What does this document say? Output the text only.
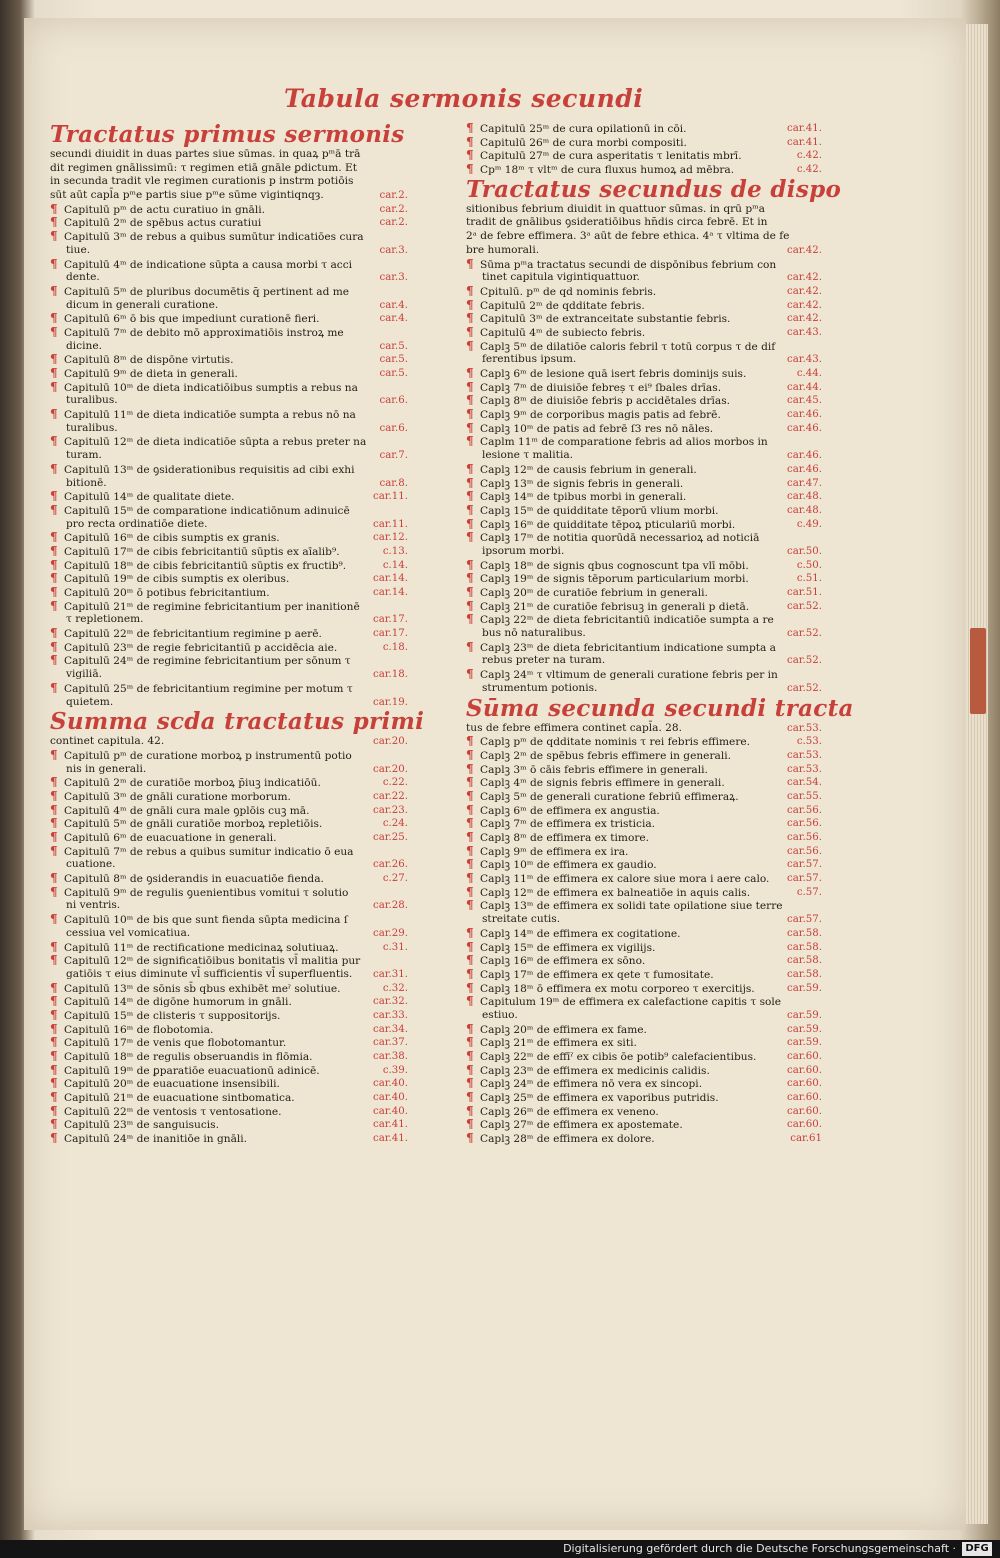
Tabula sermonis secundi
Tractatus primus sermonis
secundi diuidit in duas partes siue sūmas. in quaꝝ pᵐā trā
dit regimen gnālissimū: τ regimen etiā gnāle ꝑdictum. Et
in secunda tradit vle regimen curationis p instrm potiōis
sūt aūt capl̄a pᵐe partis siue pᵐe sūme vigintiqnqȝ.	car.2.
¶ Capitulū pᵐ de actu curatiuo in gnāli.	car.2.
¶ Capitulū 2ᵐ de spēbus actus curatiui	car.2.
¶ Capitulū 3ᵐ de rebus a quibus sumūtur indicatiōes cura
tiue.	car.3.
¶ Capitulū 4ᵐ de indicatione sūpta a causa morbi τ acci
dente.	car.3.
¶ Capitulū 5ᵐ de pluribus documētis q̄ pertinent ad me
dicum in generali curatione.	car.4.
¶ Capitulū 6ᵐ ō bis que impediunt curationē fieri.	car.4.
¶ Capitulū 7ᵐ de debito mō approximatiōis instroꝝ me
dicine.	car.5.
¶ Capitulū 8ᵐ de dispōne virtutis.	car.5.
¶ Capitulū 9ᵐ de dieta in generali.	car.5.
¶ Capitulū 10ᵐ de dieta indicatiōibus sumptis a rebus na
turalibus.	car.6.
¶ Capitulū 11ᵐ de dieta indicatiōe sumpta a rebus nō na
turalibus.	car.6.
¶ Capitulū 12ᵐ de dieta indicatiōe sūpta a rebus preter na
turam.	car.7.
¶ Capitulū 13ᵐ de ꝯsiderationibus requisitis ad cibi exhi
bitionē.	car.8.
¶ Capitulū 14ᵐ de qualitate diete.	car.11.
¶ Capitulū 15ᵐ de comparatione indicatiōnum adinuicē
pro recta ordinatiōe diete.	car.11.
¶ Capitulū 16ᵐ de cibis sumptis ex granis.	car.12.
¶ Capitulū 17ᵐ de cibis febricitantiū sūptis ex aīalib⁹.	c.13.
¶ Capitulū 18ᵐ de cibis febricitantiū sūptis ex fructib⁹.	c.14.
¶ Capitulū 19ᵐ de cibis sumptis ex oleribus.	car.14.
¶ Capitulū 20ᵐ ō potibus febricitantium.	car.14.
¶ Capitulū 21ᵐ de regimine febricitantium per inanitionē
τ repletionem.	car.17.
¶ Capitulū 22ᵐ de febricitantium regimine p aerē.	car.17.
¶ Capitulū 23ᵐ de regie febricitantiū p accidēcia aie.	c.18.
¶ Capitulū 24ᵐ de regimine febricitantium per sōnum τ
vigiliā.	car.18.
¶ Capitulū 25ᵐ de febricitantium regimine per motum τ
quietem.	car.19.
Summa scda tractatus primi
continet capitula. 42.	car.20.
¶ Capitulū pᵐ de curatione morboꝝ p instrumentū potio
nis in generali.	car.20.
¶ Capitulū 2ᵐ de curatiōe morboꝝ p̄iuꝫ indicatiōū.	c.22.
¶ Capitulū 3ᵐ de gnāli curatione morborum.	car.22.
¶ Capitulū 4ᵐ de gnāli cura male ꝯplōis cuꝫ mā.	car.23.
¶ Capitulū 5ᵐ de gnāli curatiōe morboꝝ repletiōis.	c.24.
¶ Capitulū 6ᵐ de euacuatione in generali.	car.25.
¶ Capitulū 7ᵐ de rebus a quibus sumitur indicatio ō eua
cuatione.	car.26.
¶ Capitulū 8ᵐ de ꝯsiderandis in euacuatiōe fienda.	c.27.
¶ Capitulū 9ᵐ de regulis ꝯuenientibus vomitui τ solutio
ni ventris.	car.28.
¶ Capitulū 10ᵐ de bis que sunt fienda sūpta medicina ſ
cessiua vel vomicatiua.	car.29.
¶ Capitulū 11ᵐ de rectificatione medicinaꝝ solutiuaꝝ.	c.31.
¶ Capitulū 12ᵐ de significatiōibus bonitatis vl̄ malitia pur
gatiōis τ eius diminute vl̄ sufficientis vl̄ superfluentis. car.31.
¶ Capitulū 13ᵐ de sōnis sb̄ qbus exhibēt meˀ solutiue.	c.32.
¶ Capitulū 14ᵐ de digōne humorum in gnāli.	car.32.
¶ Capitulū 15ᵐ de clisteris τ suppositorijs.	car.33.
¶ Capitulū 16ᵐ de flobotomia.	car.34.
¶ Capitulū 17ᵐ de venis que flobotomantur.	car.37.
¶ Capitulū 18ᵐ de regulis obseruandis in flōmia.	car.38.
¶ Capitulū 19ᵐ de ꝑparatiōe euacuationū adinicē.	c.39.
¶ Capitulū 20ᵐ de euacuatione insensibili.	car.40.
¶ Capitulū 21ᵐ de euacuatione sintbomatica.	car.40.
¶ Capitulū 22ᵐ de ventosis τ ventosatione.	car.40.
¶ Capitulū 23ᵐ de sanguisucis.	car.41.
¶ Capitulū 24ᵐ de inanitiōe in gnāli.	car.41.
¶ Capitulū 25ᵐ de cura opilationū in cōi.	car.41.
¶ Capitulū 26ᵐ de cura morbi compositi.	car.41.
¶ Capitulū 27ᵐ de cura asperitatis τ lenitatis mbrī.	c.42.
¶ Cpᵐ 18ᵐ τ vltᵐ de cura fluxus humoꝝ ad mēbra.	c.42.
Tractatus secundus de dispo
sitionibus febrium diuidit in quattuor sūmas. in qrū pᵐa
tradit de gnālibus ꝯsideratiōibus hn̄dis circa febrē. Et in
2ᵃ de febre effimera. 3ᵃ aūt de febre ethica. 4ᵃ τ vltima de fe
bre humorali.	car.42.
¶ Sūma pᵐa tractatus secundi de dispōnibus febrium con
tinet capitula vigintiquattuor.	car.42.
¶ Cpitulū. pᵐ de qd nominis febris.	car.42.
¶ Capitulū 2ᵐ de qdditate febris.	car.42.
¶ Capitulū 3ᵐ de extranceitate substantie febris.	car.42.
¶ Capitulū 4ᵐ de subiecto febris.	car.43.
¶ Caplꝫ 5ᵐ de dilatiōe caloris febril τ totū corpus τ de dif
ferentibus ipsum.	car.43.
¶ Caplꝫ 6ᵐ de lesione quā isert febris dominijs suis.	c.44.
¶ Caplꝫ 7ᵐ de diuisiōe febreș τ ei⁹ ſbales drīas.	car.44.
¶ Caplꝫ 8ᵐ de diuisiōe febris p accidētales drīas.	car.45.
¶ Caplꝫ 9ᵐ de corporibus magis patis ad febrē.	car.46.
¶ Caplꝫ 10ᵐ de patis ad febrē ſ3 res nō nāles.	car.46.
¶ Caplm 11ᵐ de comparatione febris ad alios morbos in
lesione τ malitia.	car.46.
¶ Caplꝫ 12ᵐ de causis febrium in generali.	car.46.
¶ Caplꝫ 13ᵐ de signis febris in generali.	car.47.
¶ Caplꝫ 14ᵐ de tpibus morbi in generali.	car.48.
¶ Caplꝫ 15ᵐ de quidditate tēporū vlium morbi.	car.48.
¶ Caplꝫ 16ᵐ de quidditate tēpoꝝ pticulariū morbi.	c.49.
¶ Caplꝫ 17ᵐ de notitia quorūdā necessarioꝝ ad noticiā
ipsorum morbi.	car.50.
¶ Caplꝫ 18ᵐ de signis qbus cognoscunt tpa vlī mōbi.	c.50.
¶ Caplꝫ 19ᵐ de signis tēporum particularium morbi.	c.51.
¶ Caplꝫ 20ᵐ de curatiōe febrium in generali.	car.51.
¶ Caplꝫ 21ᵐ de curatiōe febrisuꝫ in generali p dietā.	car.52.
¶ Caplꝫ 22ᵐ de dieta febricitantiū indicatiōe sumpta a re
bus nō naturalibus.	car.52.
¶ Caplꝫ 23ᵐ de dieta febricitantium indicatione sumpta a
rebus preter na turam.	car.52.
¶ Caplꝫ 24ᵐ τ vltimum de generali curatione febris per in
strumentum potionis.	car.52.
Sūma secunda secundi tracta
tus de febre effimera continet capl̄a. 28.	car.53.
¶ Caplꝫ pᵐ de qdditate nominis τ rei febris effimere.	c.53.
¶ Caplꝫ 2ᵐ de spēbus febris effimere in generali.	car.53.
¶ Caplꝫ 3ᵐ ō cāis febris effimere in generali.	car.53.
¶ Caplꝫ 4ᵐ de signis febris effimere in generali.	car.54.
¶ Caplꝫ 5ᵐ de generali curatione febriū effimeraꝝ.	car.55.
¶ Caplꝫ 6ᵐ de effimera ex angustia.	car.56.
¶ Caplꝫ 7ᵐ de effimera ex tristicia.	car.56.
¶ Caplꝫ 8ᵐ de effimera ex timore.	car.56.
¶ Caplꝫ 9ᵐ de effimera ex ira.	car.56.
¶ Caplꝫ 10ᵐ de effimera ex gaudio.	car.57.
¶ Caplꝫ 11ᵐ de effimera ex calore siue mora i aere calo. car.57.
¶ Caplꝫ 12ᵐ de effimera ex balneatiōe in aquis calis.	c.57.
¶ Caplꝫ 13ᵐ de effimera ex solidi tate opilatione siue terre
streitate cutis.	car.57.
¶ Caplꝫ 14ᵐ de effimera ex cogitatione.	car.58.
¶ Caplꝫ 15ᵐ de effimera ex vigilijs.	car.58.
¶ Caplꝫ 16ᵐ de effimera ex sōno.	car.58.
¶ Caplꝫ 17ᵐ de effimera ex qete τ fumositate.	car.58.
¶ Caplꝫ 18ᵐ ō effimera ex motu corporeo τ exercitijs.	car.59.
¶ Capitulum 19ᵐ de effimera ex calefactione capitis τ sole
estiuo.	car.59.
¶ Caplꝫ 20ᵐ de effimera ex fame.	car.59.
¶ Caplꝫ 21ᵐ de effimera ex siti.	car.59.
¶ Caplꝫ 22ᵐ de effīˀ ex cibis ōe potib⁹ calefacientibus.	car.60.
¶ Caplꝫ 23ᵐ de effimera ex medicinis calidis.	car.60.
¶ Caplꝫ 24ᵐ de effimera nō vera ex sincopi.	car.60.
¶ Caplꝫ 25ᵐ de effimera ex vaporibus putridis.	car.60.
¶ Caplꝫ 26ᵐ de effimera ex veneno.	car.60.
¶ Caplꝫ 27ᵐ de effimera ex apostemate.	car.60.
¶ Caplꝫ 28ᵐ de effimera ex dolore.	car.61
Digitalisierung gefördert durch die Deutsche Forschungsgemeinschaft · DFG
